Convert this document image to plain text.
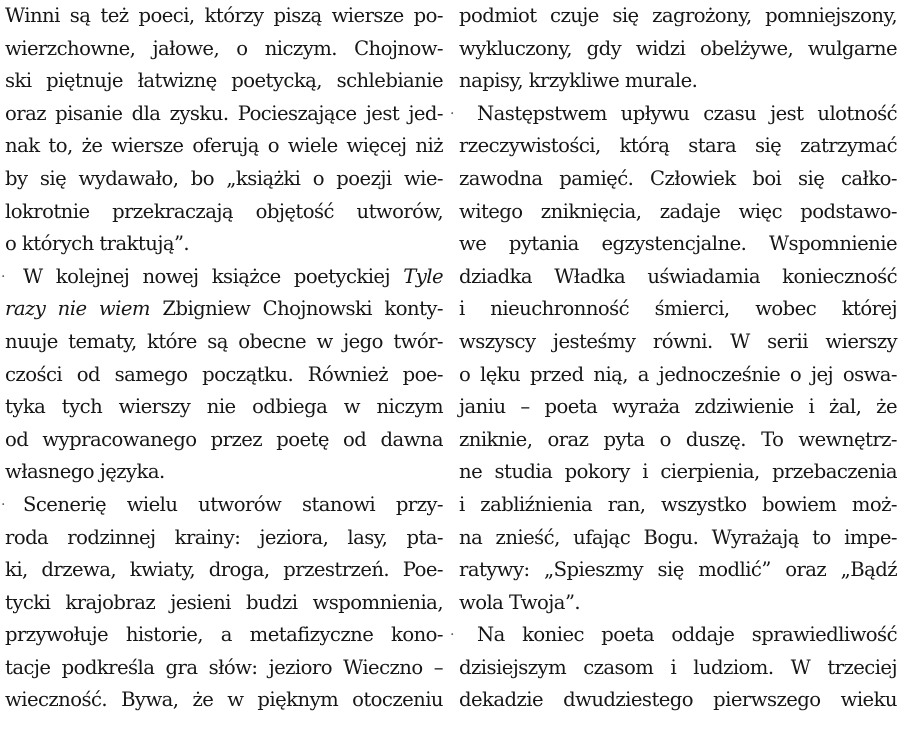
Winni są też poeci, którzy piszą wiersze po-
wierzchowne, jałowe, o niczym. Chojnow-
ski piętnuje łatwiznę poetycką, schlebianie
oraz pisanie dla zysku. Pocieszające jest jed-
nak to, że wiersze oferują o wiele więcej niż
by się wydawało, bo „książki o poezji wie-
lokrotnie przekraczają objętość utworów,
o których traktują”.
· W kolejnej nowej książce poetyckiej Tyle
razy nie wiem Zbigniew Chojnowski konty-
nuuje tematy, które są obecne w jego twór-
czości od samego początku. Również poe-
tyka tych wierszy nie odbiega w niczym
od wypracowanego przez poetę od dawna
własnego języka.
· Scenerię wielu utworów stanowi przy-
roda rodzinnej krainy: jeziora, lasy, pta-
ki, drzewa, kwiaty, droga, przestrzeń. Poe-
tycki krajobraz jesieni budzi wspomnienia,
przywołuje historie, a metafizyczne kono-
tacje podkreśla gra słów: jezioro Wieczno –
wieczność. Bywa, że w pięknym otoczeniu
podmiot czuje się zagrożony, pomniejszony,
wykluczony, gdy widzi obelżywe, wulgarne
napisy, krzykliwe murale.
· Następstwem upływu czasu jest ulotność
rzeczywistości, którą stara się zatrzymać
zawodna pamięć. Człowiek boi się całko-
witego zniknięcia, zadaje więc podstawo-
we pytania egzystencjalne. Wspomnienie
dziadka Władka uświadamia konieczność
i nieuchronność śmierci, wobec której
wszyscy jesteśmy równi. W serii wierszy
o lęku przed nią, a jednocześnie o jej oswa-
janiu – poeta wyraża zdziwienie i żal, że
zniknie, oraz pyta o duszę. To wewnętrz-
ne studia pokory i cierpienia, przebaczenia
i zabliźnienia ran, wszystko bowiem moż-
na znieść, ufając Bogu. Wyrażają to impe-
ratywy: „Spieszmy się modlić” oraz „Bądź
wola Twoja”.
· Na koniec poeta oddaje sprawiedliwość
dzisiejszym czasom i ludziom. W trzeciej
dekadzie dwudziestego pierwszego wieku
